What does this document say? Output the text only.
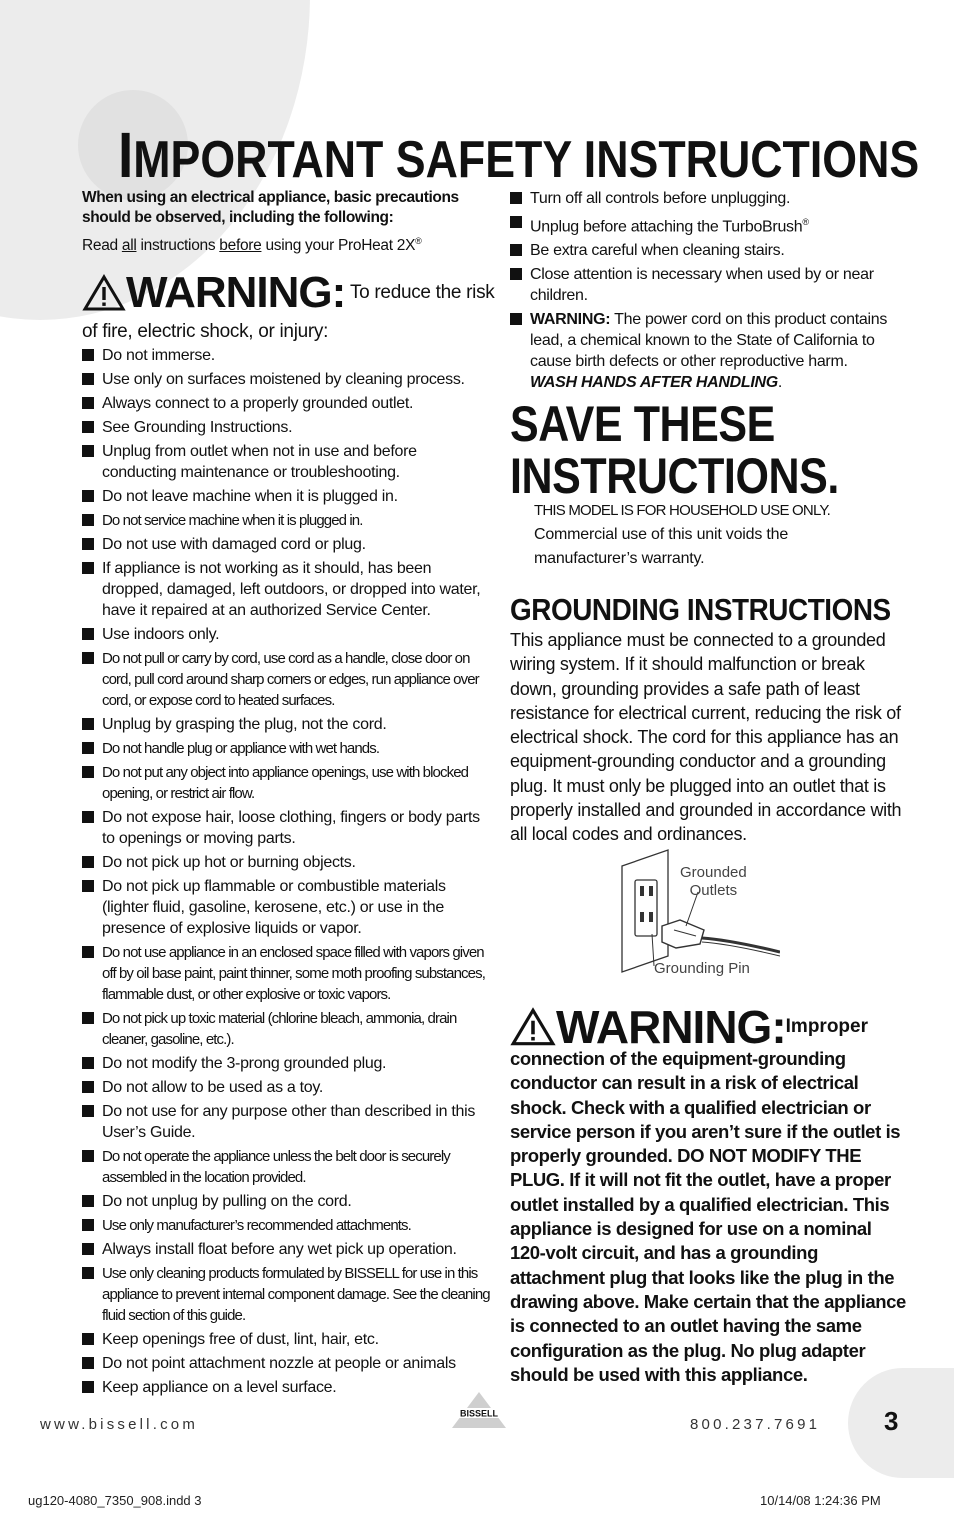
IMPORTANT SAFETY INSTRUCTIONS
When using an electrical appliance, basic precautions should be observed, including the following:
Read all instructions before using your ProHeat 2X®
WARNING: To reduce the risk
of fire, electric shock, or injury:
Do not immerse.
Use only on surfaces moistened by cleaning process.
Always connect to a properly grounded outlet.
See Grounding Instructions.
Unplug from outlet when not in use and before conducting maintenance or troubleshooting.
Do not leave machine when it is plugged in.
Do not service machine when it is plugged in.
Do not use with damaged cord or plug.
If appliance is not working as it should, has been dropped, damaged, left outdoors, or dropped into water, have it repaired at an authorized Service Center.
Use indoors only.
Do not pull or carry by cord, use cord as a handle, close door on cord, pull cord around sharp corners or edges, run appliance over cord, or expose cord to heated surfaces.
Unplug by grasping the plug, not the cord.
Do not handle plug or appliance with wet hands.
Do not put any object into appliance openings, use with blocked opening, or restrict air flow.
Do not expose hair, loose clothing, fingers or body parts to openings or moving parts.
Do not pick up hot or burning objects.
Do not pick up flammable or combustible materials (lighter fluid, gasoline, kerosene, etc.) or use in the presence of explosive liquids or vapor.
Do not use appliance in an enclosed space filled with vapors given off by oil base paint, paint thinner, some moth proofing substances, flammable dust, or other explosive or toxic vapors.
Do not pick up toxic material (chlorine bleach, ammonia, drain cleaner, gasoline, etc.).
Do not modify the 3-prong grounded plug.
Do not allow to be used as a toy.
Do not use for any purpose other than described in this User’s Guide.
Do not operate the appliance unless the belt door is securely assembled in the location provided.
Do not unplug by pulling on the cord.
Use only manufacturer’s recommended attachments.
Always install float before any wet pick up operation.
Use only cleaning products formulated by BISSELL for use in this appliance to prevent internal component damage. See the cleaning fluid section of this guide.
Keep openings free of dust, lint, hair, etc.
Do not point attachment nozzle at people or animals
Keep appliance on a level surface.
Turn off all controls before unplugging.
Unplug before attaching the TurboBrush®
Be extra careful when cleaning stairs.
Close attention is necessary when used by or near children.
WARNING: The power cord on this product contains lead, a chemical known to the State of California to cause birth defects or other reproductive harm.
WASH HANDS AFTER HANDLING.
SAVE THESE
INSTRUCTIONS.
THIS MODEL IS FOR HOUSEHOLD USE ONLY.
Commercial use of this unit voids the manufacturer’s warranty.
GROUNDING INSTRUCTIONS
This appliance must be connected to a grounded wiring system. If it should malfunction or break down, grounding provides a safe path of least resistance for electrical current, reducing the risk of electrical shock. The cord for this appliance has an equipment-grounding conductor and a grounding plug. It must only be plugged into an outlet that is properly installed and grounded in accordance with all local codes and ordinances.
Grounded
Outlets
Grounding Pin
WARNING:Improper
connection of the equipment-grounding conductor can result in a risk of electrical shock. Check with a qualified electrician or service person if you aren’t sure if the outlet is properly grounded. DO NOT MODIFY THE PLUG. If it will not fit the outlet, have a proper outlet installed by a qualified electrician. This appliance is designed for use on a nominal 120-volt circuit, and has a grounding attachment plug that looks like the plug in the drawing above. Make certain that the appliance is connected to an outlet having the same configuration as the plug. No plug adapter should be used with this appliance.
www.bissell.com
BISSELL
800.237.7691 3
ug120-4080_7350_908.indd 3	10/14/08 1:24:36 PM
